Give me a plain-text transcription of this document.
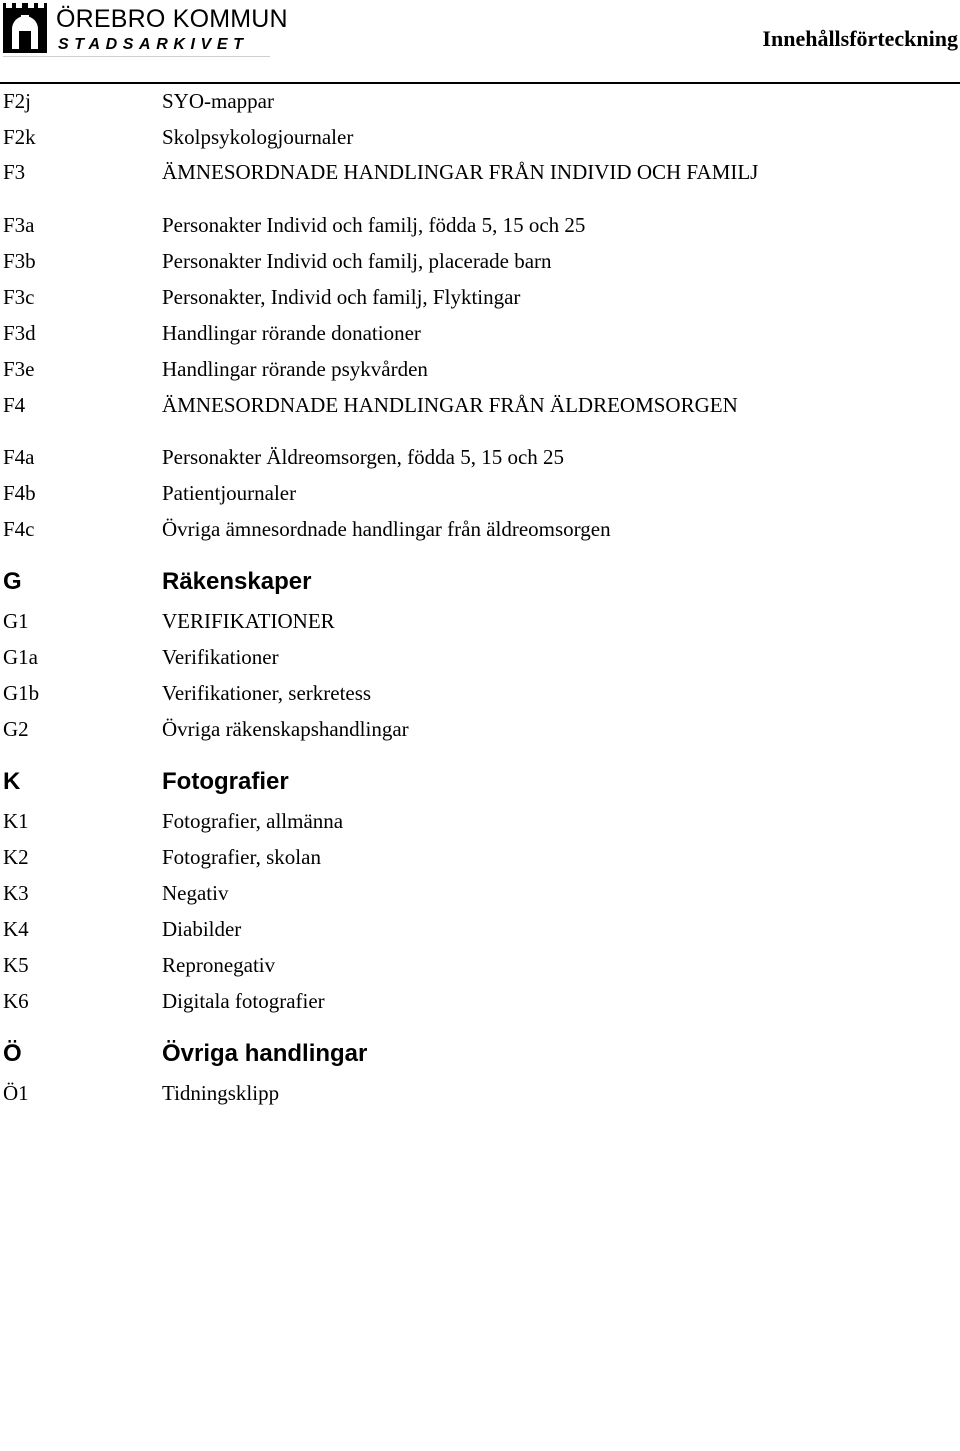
ÖREBRO KOMMUN
STADSARKIVET	Innehållsförteckning
F2j	SYO-mappar
F2k	Skolpsykologjournaler
F3	ÄMNESORDNADE HANDLINGAR FRÅN INDIVID OCH FAMILJ
F3a	Personakter Individ och familj, födda 5, 15 och 25
F3b	Personakter Individ och familj, placerade barn
F3c	Personakter, Individ och familj, Flyktingar
F3d	Handlingar rörande donationer
F3e	Handlingar rörande psykvården
F4	ÄMNESORDNADE HANDLINGAR FRÅN ÄLDREOMSORGEN
F4a	Personakter Äldreomsorgen, födda 5, 15 och 25
F4b	Patientjournaler
F4c	Övriga ämnesordnade handlingar från äldreomsorgen
G	Räkenskaper
G1	VERIFIKATIONER
G1a	Verifikationer
G1b	Verifikationer, serkretess
G2	Övriga räkenskapshandlingar
K	Fotografier
K1	Fotografier, allmänna
K2	Fotografier, skolan
K3	Negativ
K4	Diabilder
K5	Repronegativ
K6	Digitala fotografier
Ö	Övriga handlingar
Ö1	Tidningsklipp
